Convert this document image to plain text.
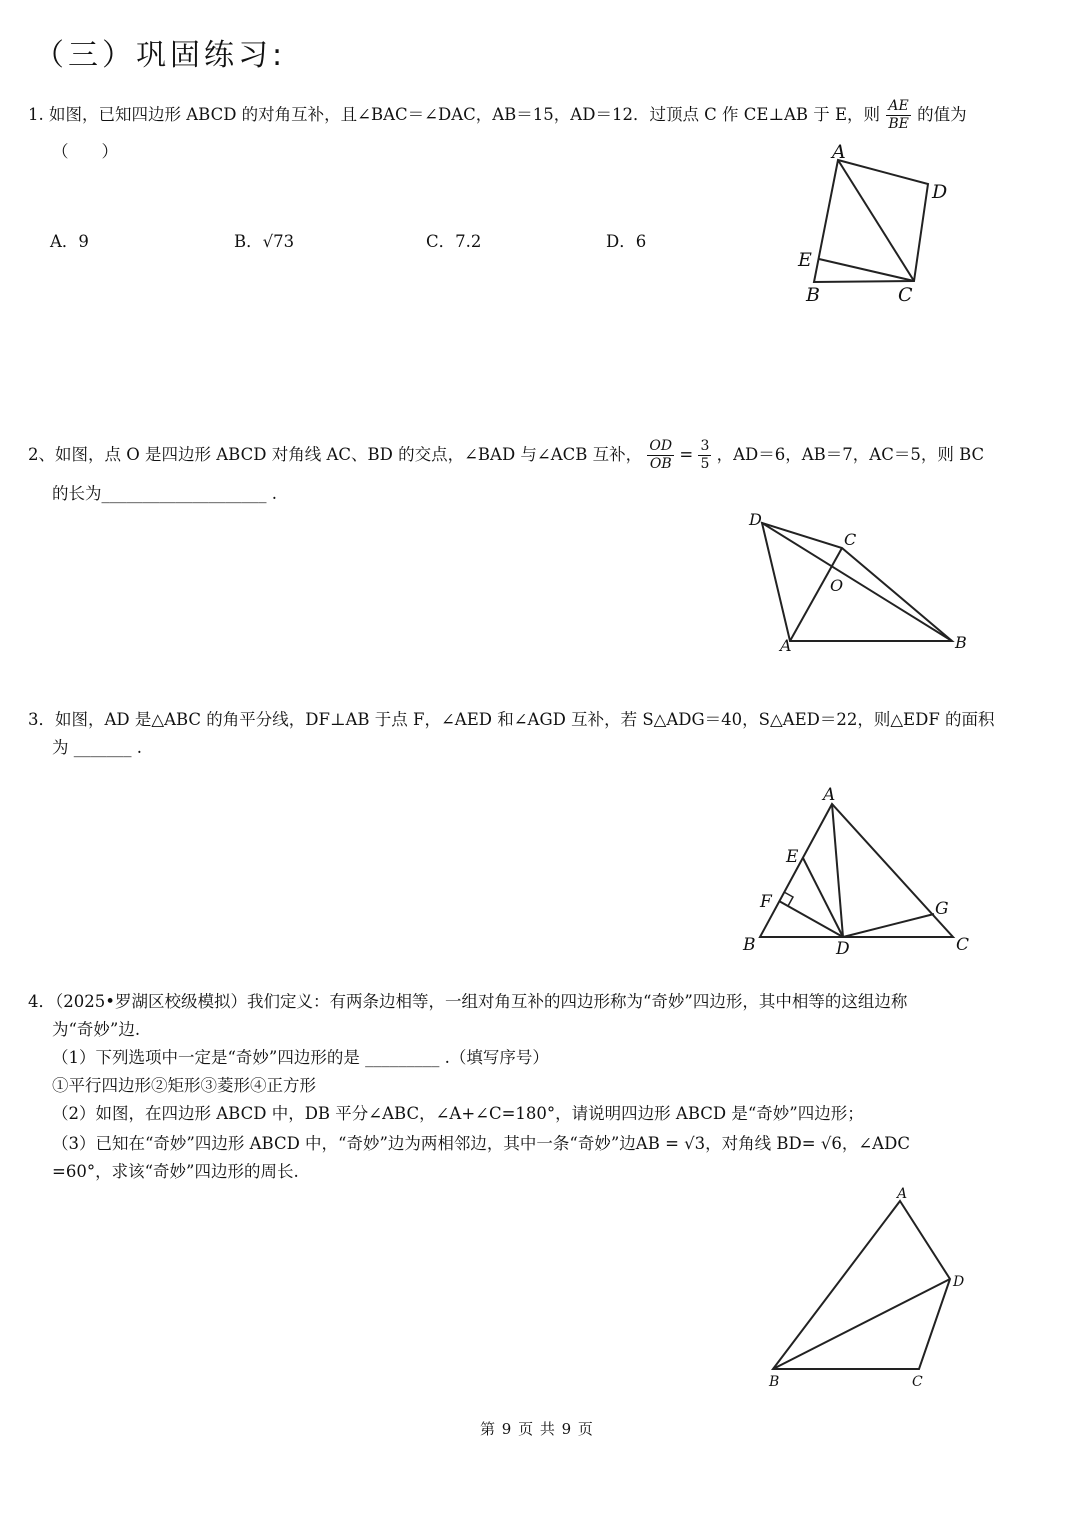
（三）巩固练习:
1. 如图，已知四边形 ABCD 的对角互补，且∠BAC＝∠DAC，AB＝15，AD＝12．过顶点 C 作 CE⊥AB 于 E，则 $\frac{AE}{BE}$ 的值为
（　　）
A．9	B．√73	C．7.2	D．6
A
D
E
B	C
2、如图，点 O 是四边形 ABCD 对角线 AC、BD 的交点，∠BAD 与∠ACB 互补， $\frac{OD}{OB} = \frac{3}{5}$ ，AD＝6，AB＝7，AC＝5，则 BC
的长为____________________ .
D
C
O
A	B
3．如图，AD 是△ABC 的角平分线，DF⊥AB 于点 F，∠AED 和∠AGD 互补，若 S△ADG＝40，S△AED＝22，则△EDF 的面积
为 _______ .
A
E
F	G
B	D	C
4．（2025•罗湖区校级模拟）我们定义：有两条边相等，一组对角互补的四边形称为“奇妙”四边形，其中相等的这组边称
为“奇妙”边.
（1）下列选项中一定是“奇妙”四边形的是 _________ .（填写序号）
①平行四边形②矩形③菱形④正方形
（2）如图，在四边形 ABCD 中，DB 平分∠ABC，∠A+∠C=180°，请说明四边形 ABCD 是“奇妙”四边形；
（3）已知在“奇妙”四边形 ABCD 中，“奇妙”边为两相邻边，其中一条“奇妙”边AB = √3，对角线 BD= √6，∠ADC
=60°，求该“奇妙”四边形的周长.
A
D
B	C
第 9 页 共 9 页
